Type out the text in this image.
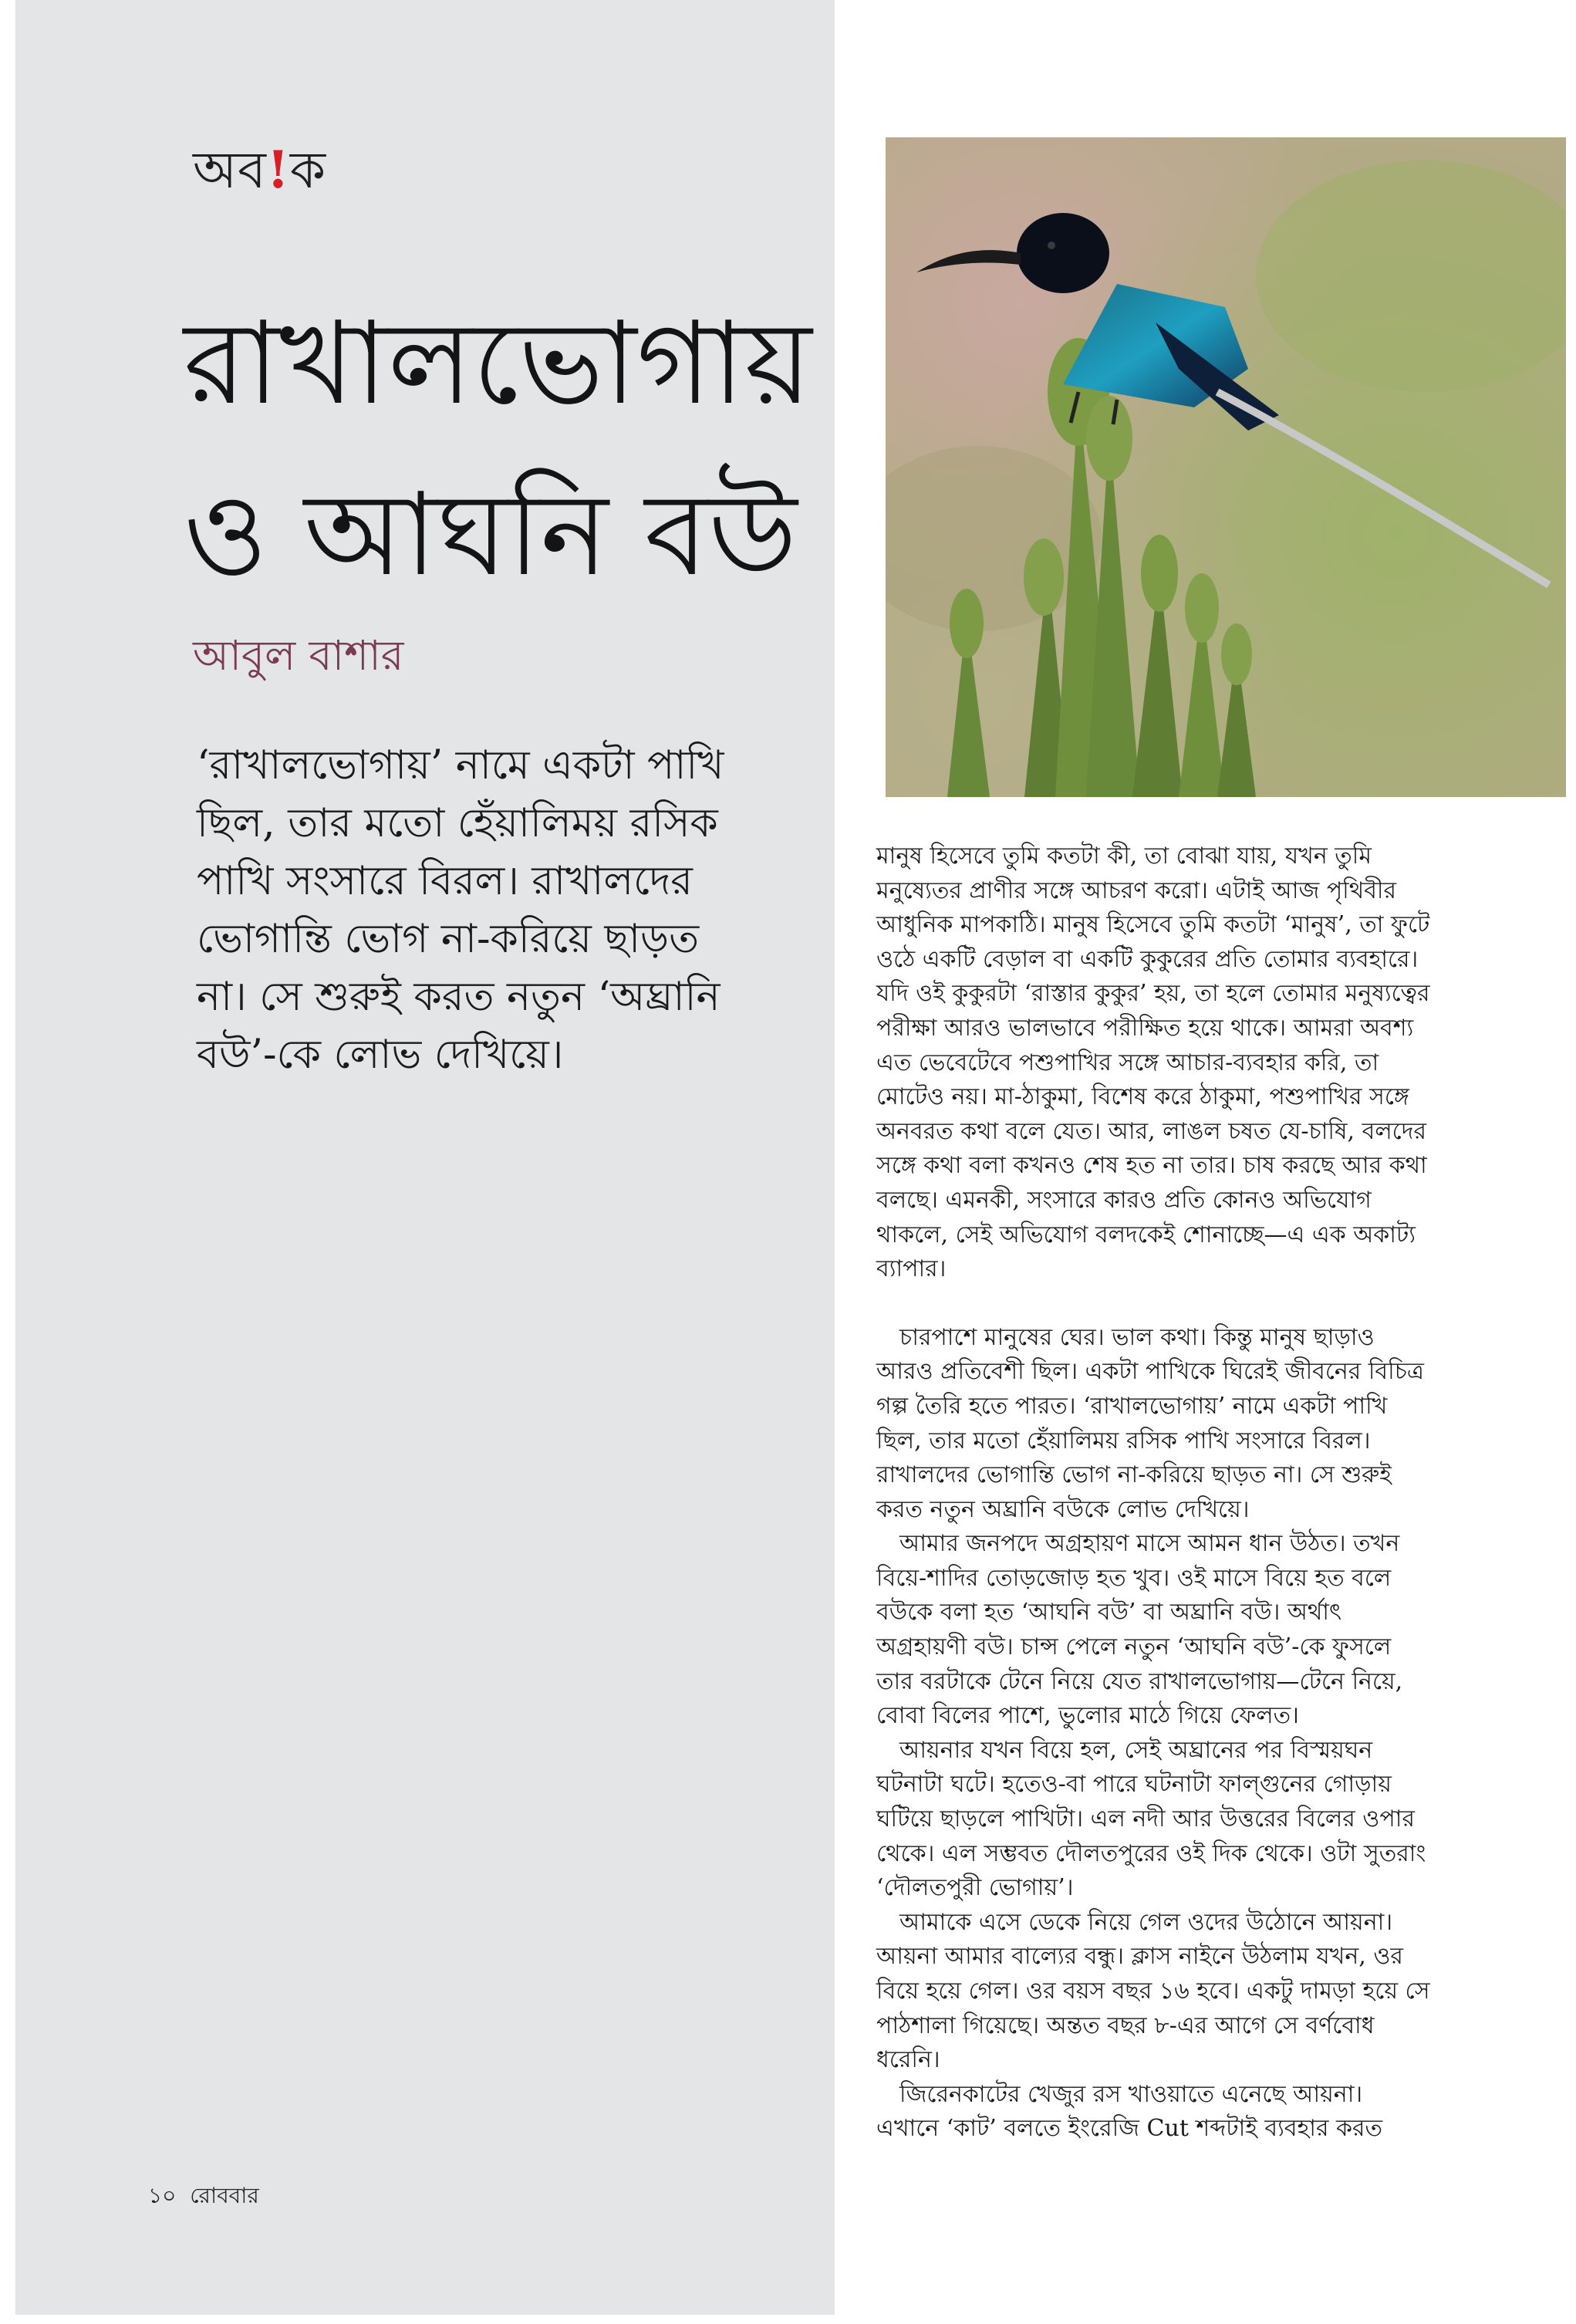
অব!ক
রাখালভোগায়
ও আঘনি বউ
আবুল বাশার

‘রাখালভোগায়’ নামে একটা পাখি ছিল, তার মতো হেঁয়ালিময় রসিক পাখি সংসারে বিরল। রাখালদের ভোগান্তি ভোগ না-করিয়ে ছাড়ত না। সে শুরুই করত নতুন ‘অঘ্রানি বউ’-কে লোভ দেখিয়ে।

মানুষ হিসেবে তুমি কতটা কী, তা বোঝা যায়, যখন তুমি মনুষ্যেতর প্রাণীর সঙ্গে আচরণ করো। এটাই আজ পৃথিবীর আধুনিক মাপকাঠি। মানুষ হিসেবে তুমি কতটা ‘মানুষ’, তা ফুটে ওঠে একটি বেড়াল বা একটি কুকুরের প্রতি তোমার ব্যবহারে। যদি ওই কুকুরটা ‘রাস্তার কুকুর’ হয়, তা হলে তোমার মনুষ্যত্বের পরীক্ষা আরও ভালভাবে পরীক্ষিত হয়ে থাকে। আমরা অবশ্য এত ভেবেটেবে পশুপাখির সঙ্গে আচার-ব্যবহার করি, তা মোটেও নয়। মা-ঠাকুমা, বিশেষ করে ঠাকুমা, পশুপাখির সঙ্গে অনবরত কথা বলে যেত। আর, লাঙল চষত যে-চাষি, বলদের সঙ্গে কথা বলা কখনও শেষ হত না তার। চাষ করছে আর কথা বলছে। এমনকী, সংসারে কারও প্রতি কোনও অভিযোগ থাকলে, সেই অভিযোগ বলদকেই শোনাচ্ছে—এ এক অকাট্য ব্যাপার।

চারপাশে মানুষের ঘের। ভাল কথা। কিন্তু মানুষ ছাড়াও আরও প্রতিবেশী ছিল। একটা পাখিকে ঘিরেই জীবনের বিচিত্র গল্প তৈরি হতে পারত। ‘রাখালভোগায়’ নামে একটা পাখি ছিল, তার মতো হেঁয়ালিময় রসিক পাখি সংসারে বিরল। রাখালদের ভোগান্তি ভোগ না-করিয়ে ছাড়ত না। সে শুরুই করত নতুন অঘ্রানি বউকে লোভ দেখিয়ে।

আমার জনপদে অগ্রহায়ণ মাসে আমন ধান উঠত। তখন বিয়ে-শাদির তোড়জোড় হত খুব। ওই মাসে বিয়ে হত বলে বউকে বলা হত ‘আঘনি বউ’ বা অঘ্রানি বউ। অর্থাৎ অগ্রহায়ণী বউ। চান্স পেলে নতুন ‘আঘনি বউ’-কে ফুসলে তার বরটাকে টেনে নিয়ে যেত রাখালভোগায়—টেনে নিয়ে, বোবা বিলের পাশে, ভুলোর মাঠে গিয়ে ফেলত।

আয়নার যখন বিয়ে হল, সেই অঘ্রানের পর বিস্ময়ঘন ঘটনাটা ঘটে। হতেও-বা পারে ঘটনাটা ফাল্গুনের গোড়ায় ঘটিয়ে ছাড়লে পাখিটা। এল নদী আর উত্তরের বিলের ওপার থেকে। এল সম্ভবত দৌলতপুরের ওই দিক থেকে। ওটা সুতরাং ‘দৌলতপুরী ভোগায়’।

আমাকে এসে ডেকে নিয়ে গেল ওদের উঠোনে আয়না। আয়না আমার বাল্যের বন্ধু। ক্লাস নাইনে উঠলাম যখন, ওর বিয়ে হয়ে গেল। ওর বয়স বছর ১৬ হবে। একটু দামড়া হয়ে সে পাঠশালা গিয়েছে। অন্তত বছর ৮-এর আগে সে বর্ণবোধ ধরেনি।

জিরেনকাটের খেজুর রস খাওয়াতে এনেছে আয়না। এখানে ‘কাট’ বলতে ইংরেজি Cut শব্দটাই ব্যবহার করত

১০ রোববার
